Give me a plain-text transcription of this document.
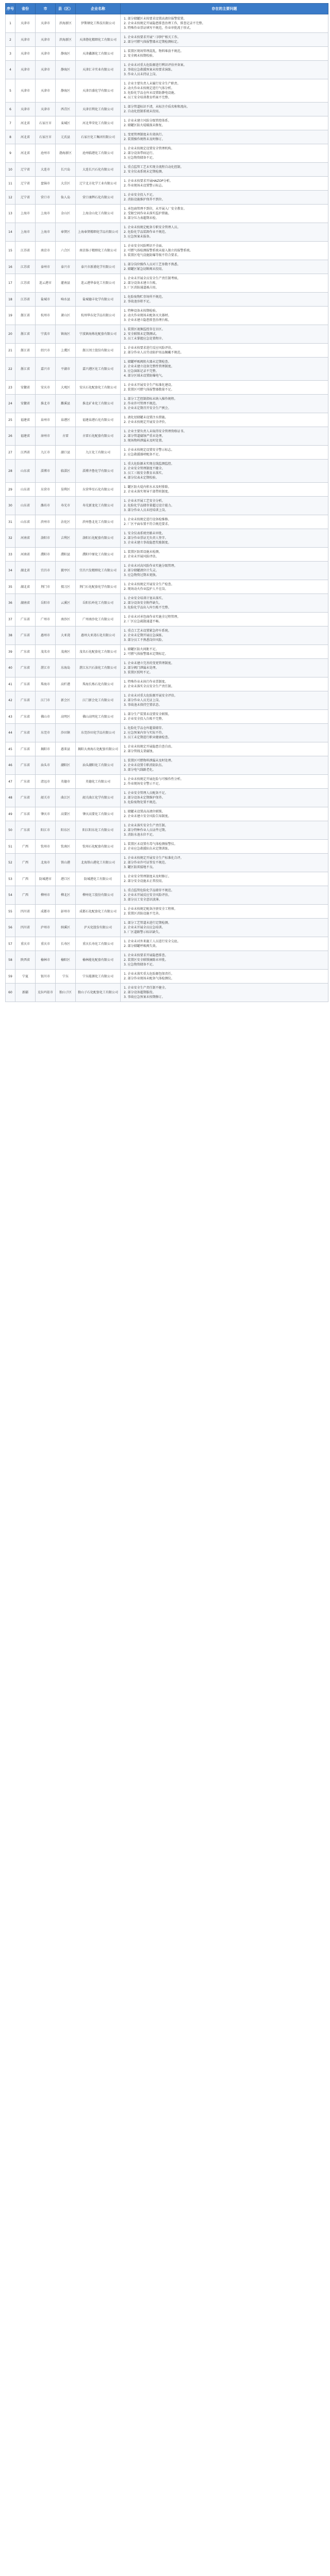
序号	省份	市	县（区）	企业名称	存在的主要问题
1	天津市	天津市	滨海新区	伊斯顿化工科技有限公司	1. 部分储罐区未按要求设置高液位报警装置。
2. 企业未按规定开展隐患排查治理工作，排查记录不完整。
3. 特殊作业票证填写不规范，作业审批流于形式。

2	天津市	天津市	滨海新区	天津渤化精细化工有限公司	1. 企业未按要求开展“三同时”相关工作。
2. 部分可燃气体报警器未定期检测标定。

3	天津市	天津市	静海区	天津鑫源化工有限公司	1. 装置区现场管理混乱，物料堆放不规范。
2. 安全阀未按期校验。

4	天津市	天津市	静海区	天津汇丰实业有限公司	1. 企业未对重大危险源进行辨识评估并备案。
2. 事故应急救援预案未按要求演练。
3. 作业人员未持证上岗。

5	天津市	天津市	静海区	天津昌盛化学有限公司	1. 企业主要负责人未履行安全生产职责。
2. 动火作业未按规定进行气体分析。
3. 危险化学品仓库未设置防静电设施。
4. 员工安全培训教育档案不完整。

6	天津市	天津市	西青区	天津百利化工有限公司	1. 部分管道标识不清，未标注介质名称和流向。
2. 自动化控制系统未投用。

7	河北省	石家庄市	栾城区	河北华荣化工有限公司	1. 企业未建立风险分级管控体系。
2. 储罐区防火堤破损未修复。

8	河北省	石家庄市	元氏县	石家庄化工集团有限公司	1. 变更管理制度未有效执行。
2. 装置操作规程未及时修订。

9	河北省	沧州市	渤海新区	沧州临港化工有限公司	1. 企业未按规定设置安全管理机构。
2. 部分设备带病运行。
3. 应急物资储备不足。

10	辽宁省	大连市	长兴岛	大连长兴石化有限公司	1. 重点监管工艺未实现全流程自动化控制。
2. 安全仪表系统未定期检测。

11	辽宁省	盘锦市	大洼区	辽宁北方化学工业有限公司	1. 企业未按要求开展HAZOP分析。
2. 作业现场未设置警示标志。

12	辽宁省	营口市	仙人岛	营口康辉石化有限公司	1. 企业安全投入不足。
2. 消防设施维护保养不到位。

13	上海市	上海市	金山区	上海金山化工有限公司	1. 承包商管理不到位，未开展入厂安全教育。
2. 受限空间作业未落实监护措施。
3. 部分压力表超期未检。

14	上海市	上海市	奉贤区	上海奉贤精细化学品有限公司	1. 企业未按规定配备专职安全管理人员。
2. 危险化学品装卸作业不规范。
3. 应急预案未报备。

15	江苏省	南京市	六合区	南京扬子精细化工有限公司	1. 企业安全风险辨识不全面。
2. 可燃气体检测报警系统未接入独立的报警系统。
3. 装置区电气设施防爆等级不符合要求。

16	江苏省	泰州市	泰兴市	泰兴市新浦化学有限公司	1. 部分岗位操作人员对工艺参数不熟悉。
2. 储罐区紧急切断阀未投用。

17	江苏省	连云港市	灌南县	连云港华泰化工有限公司	1. 企业未开展全员安全生产责任制考核。
2. 部分设备未建立台账。
3. 厂区消防通道被占用。

18	江苏省	盐城市	响水县	盐城德丰化学有限公司	1. 危险废物贮存场所不规范。
2. 事故池容积不足。

19	浙江省	杭州市	萧山区	杭州华东化学品有限公司	1. 特种设备未按期检验。
2. 动火作业现场未配备灭火器材。
3. 企业未建立隐患排查治理台账。

20	浙江省	宁波市	镇海区	宁波镇海炼化配套有限公司	1. 装置区视频监控存在盲区。
2. 安全联锁未定期测试。
3. 员工未掌握应急处置程序。

21	浙江省	绍兴市	上虞区	浙江闰土股份有限公司	1. 企业未按要求进行反应风险评估。
2. 部分作业人员劳动防护用品佩戴不规范。

22	浙江省	嘉兴市	平湖市	嘉兴港区化工有限公司	1. 储罐呼吸阀阻火器未定期检查。
2. 企业未建立设备完整性管理制度。
3. 应急演练记录不完整。
4. 部分区域未设置防爆电气。

23	安徽省	安庆市	大观区	安庆石化配套化工有限公司	1. 企业未开展安全生产标准化建设。
2. 装置区可燃气体报警器数量不足。

24	安徽省	淮北市	濉溪县	淮北矿业化工有限公司	1. 部分工艺控制指标未纳入操作规程。
2. 作业许可管理不规范。
3. 企业未定期召开安全生产例会。

25	福建省	泉州市	泉港区	福建泉港石化有限公司	1. 液化烃储罐未设置注水措施。
2. 企业未按规定开展安全评价。

26	福建省	漳州市	古雷	古雷石化配套有限公司	1. 企业主要负责人未取得安全管理资格证书。
2. 部分管道腐蚀严重未处理。
3. 现场物料泄漏未及时处置。

27	江西省	九江市	湖口县	九江化工有限公司	1. 企业未按规定设置安全警示标志。
2. 应急救援器材配备不足。

28	山东省	淄博市	临淄区	淄博齐鲁化学有限公司	1. 重大危险源未实现在线监测监控。
2. 企业安全管理制度不健全。
3. 员工三级安全教育未落实。
4. 部分仪表未定期校验。

29	山东省	东营市	垦利区	东营华星石化有限公司	1. 罐区防火堤内积水未及时排除。
2. 企业未落实领导干部带班制度。

30	山东省	潍坊市	寿光市	寿光新龙化工有限公司	1. 企业未开展工艺安全分析。
2. 危险化学品储存量超过设计能力。
3. 部分作业人员未经培训上岗。

31	山东省	滨州市	沾化区	滨州鲁北化工有限公司	1. 企业未按规定进行设备检维修。
2. 厂区平面布置不符合规范要求。

32	河南省	洛阳市	吉利区	洛阳石化配套有限公司	1. 安全仪表系统旁路未审批。
2. 部分作业票证无负责人签字。
3. 企业未建立事故隐患奖励制度。

33	河南省	濮阳市	濮阳县	濮阳中原化工有限公司	1. 装置区防雷设施未检测。
2. 企业未开展风险评估。

34	湖北省	宜昌市	猇亭区	宜昌兴发精细化工有限公司	1. 企业未对高风险作业实施分级管理。
2. 部分储罐液位计失灵。
3. 应急物资过期未更换。

35	湖北省	荆门市	掇刀区	荆门石化配套化学有限公司	1. 企业未按规定开展安全生产检查。
2. 现场动火作业监护人不在岗。

36	湖南省	岳阳市	云溪区	岳阳长岭化工有限公司	1. 企业安全培训计划未落实。
2. 部分设备安全附件缺失。
3. 危险化学品出入库台账不完整。

37	广东省	广州市	南沙区	广州南沙化工有限公司	1. 企业未对承包商作业实施全过程管理。
2. 厂区应急疏散通道不畅。

38	广东省	惠州市	大亚湾	惠州大亚湾石化有限公司	1. 重点工艺未设置紧急停车系统。
2. 企业未定期开展应急演练。
3. 部分员工不熟悉岗位风险。

39	广东省	茂名市	茂南区	茂名石化配套化工有限公司	1. 储罐区防火间距不足。
2. 可燃气体报警器未定期标定。

40	广东省	湛江市	东海岛	湛江东兴石油化工有限公司	1. 企业未建立完善的变更管理制度。
2. 部分阀门泄漏未处理。
3. 装置区照明不足。

41	广东省	珠海市	高栏港	珠海长炼石化有限公司	1. 特殊作业未执行作业票制度。
2. 企业未落实全员安全生产责任制。

42	广东省	江门市	新会区	江门新会化工有限公司	1. 企业未对重大危险源开展安全评估。
2. 部分作业人员无证上岗。
3. 事故池未保持空置状态。

43	广东省	佛山市	高明区	佛山高明化工有限公司	1. 部分生产装置未设置安全联锁。
2. 企业安全投入台账不完整。

44	广东省	东莞市	沙田镇	东莞沙田化学品有限公司	1. 危险化学品仓库超量储存。
2. 应急预案内容与实际不符。
3. 员工未定期进行职业健康检查。

45	广东省	揭阳市	惠来县	揭阳大南海石化配套有限公司	1. 企业未按规定开展隐患自查自改。
2. 部分管线支架腐蚀。

46	广东省	汕头市	潮阳区	汕头潮阳化工有限公司	1. 装置区可燃物料泄漏未及时处理。
2. 企业未设置专职消防队伍。
3. 部分电气线路老化。

47	广东省	清远市	英德市	英德化工有限公司	1. 企业未按规定开展危险与可操作性分析。
2. 作业现场安全警示不足。

48	广东省	韶关市	曲江区	韶关曲江化学有限公司	1. 企业安全管理人员配备不足。
2. 部分设备未定期维护保养。
3. 危险废物处置不规范。

49	广东省	肇庆市	高要区	肇庆高要化工有限公司	1. 储罐未设置高高液位联锁。
2. 企业未建立安全风险告知制度。

50	广东省	阳江市	阳东区	阳江阳东化工有限公司	1. 企业未落实安全生产责任制。
2. 部分特种作业人员证件过期。
3. 消防水池水位不足。

51	广西	钦州市	钦南区	钦州石化配套有限公司	1. 装置区未设置有毒气体检测报警仪。
2. 企业应急救援队伍未定期训练。

52	广西	北海市	铁山港	北海铁山港化工有限公司	1. 企业未按规定开展安全生产标准化自评。
2. 部分作业许可证签发不规范。
3. 罐区防雷接地不良。

53	广西	防城港市	港口区	防城港化工有限公司	1. 企业安全管理制度未及时修订。
2. 部分安全设施未正常投用。

54	广西	柳州市	柳北区	柳州化工股份有限公司	1. 重点监管危险化学品储存不规范。
2. 企业未开展反应安全风险评估。
3. 部分员工安全意识淡薄。

55	四川省	成都市	彭州市	成都石化配套化工有限公司	1. 企业未按规定配备注册安全工程师。
2. 装置区消防设施不完善。

56	四川省	泸州市	纳溪区	泸天化股份有限公司	1. 部分工艺管道未进行定期检测。
2. 企业未开展全员应急培训。
3. 厂区道路警示标识缺失。

57	重庆市	重庆市	长寿区	重庆长寿化工有限公司	1. 企业未对外来施工人员进行安全交底。
2. 部分储罐呼吸阀失效。

58	陕西省	榆林市	榆阳区	榆林能化配套有限公司	1. 企业未按要求开展隐患排查。
2. 装置区安全联锁摘除未审批。
3. 应急物资储备不足。

59	宁夏	银川市	宁东	宁东能源化工有限公司	1. 企业未落实重大危险源包保责任。
2. 部分作业现场未配备气体检测仪。

60	新疆	克拉玛依市	独山子区	独山子石化配套化工有限公司	1. 企业安全生产责任制不健全。
2. 部分设备超期服役。
3. 事故应急预案未按期修订。
